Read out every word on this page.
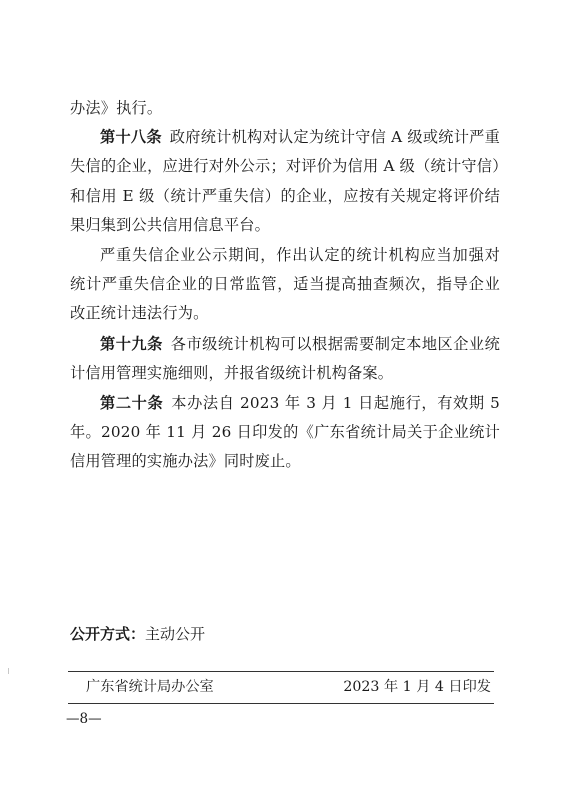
办法》执行。

第十八条 政府统计机构对认定为统计守信 A 级或统计严重失信的企业，应进行对外公示；对评价为信用 A 级（统计守信）和信用 E 级（统计严重失信）的企业，应按有关规定将评价结果归集到公共信用信息平台。

严重失信企业公示期间，作出认定的统计机构应当加强对统计严重失信企业的日常监管，适当提高抽查频次，指导企业改正统计违法行为。

第十九条 各市级统计机构可以根据需要制定本地区企业统计信用管理实施细则，并报省级统计机构备案。

第二十条 本办法自 2023 年 3 月 1 日起施行，有效期 5 年。2020 年 11 月 26 日印发的《广东省统计局关于企业统计信用管理的实施办法》同时废止。

公开方式：主动公开
广东省统计局办公室	2023 年 1 月 4 日印发
—8—
